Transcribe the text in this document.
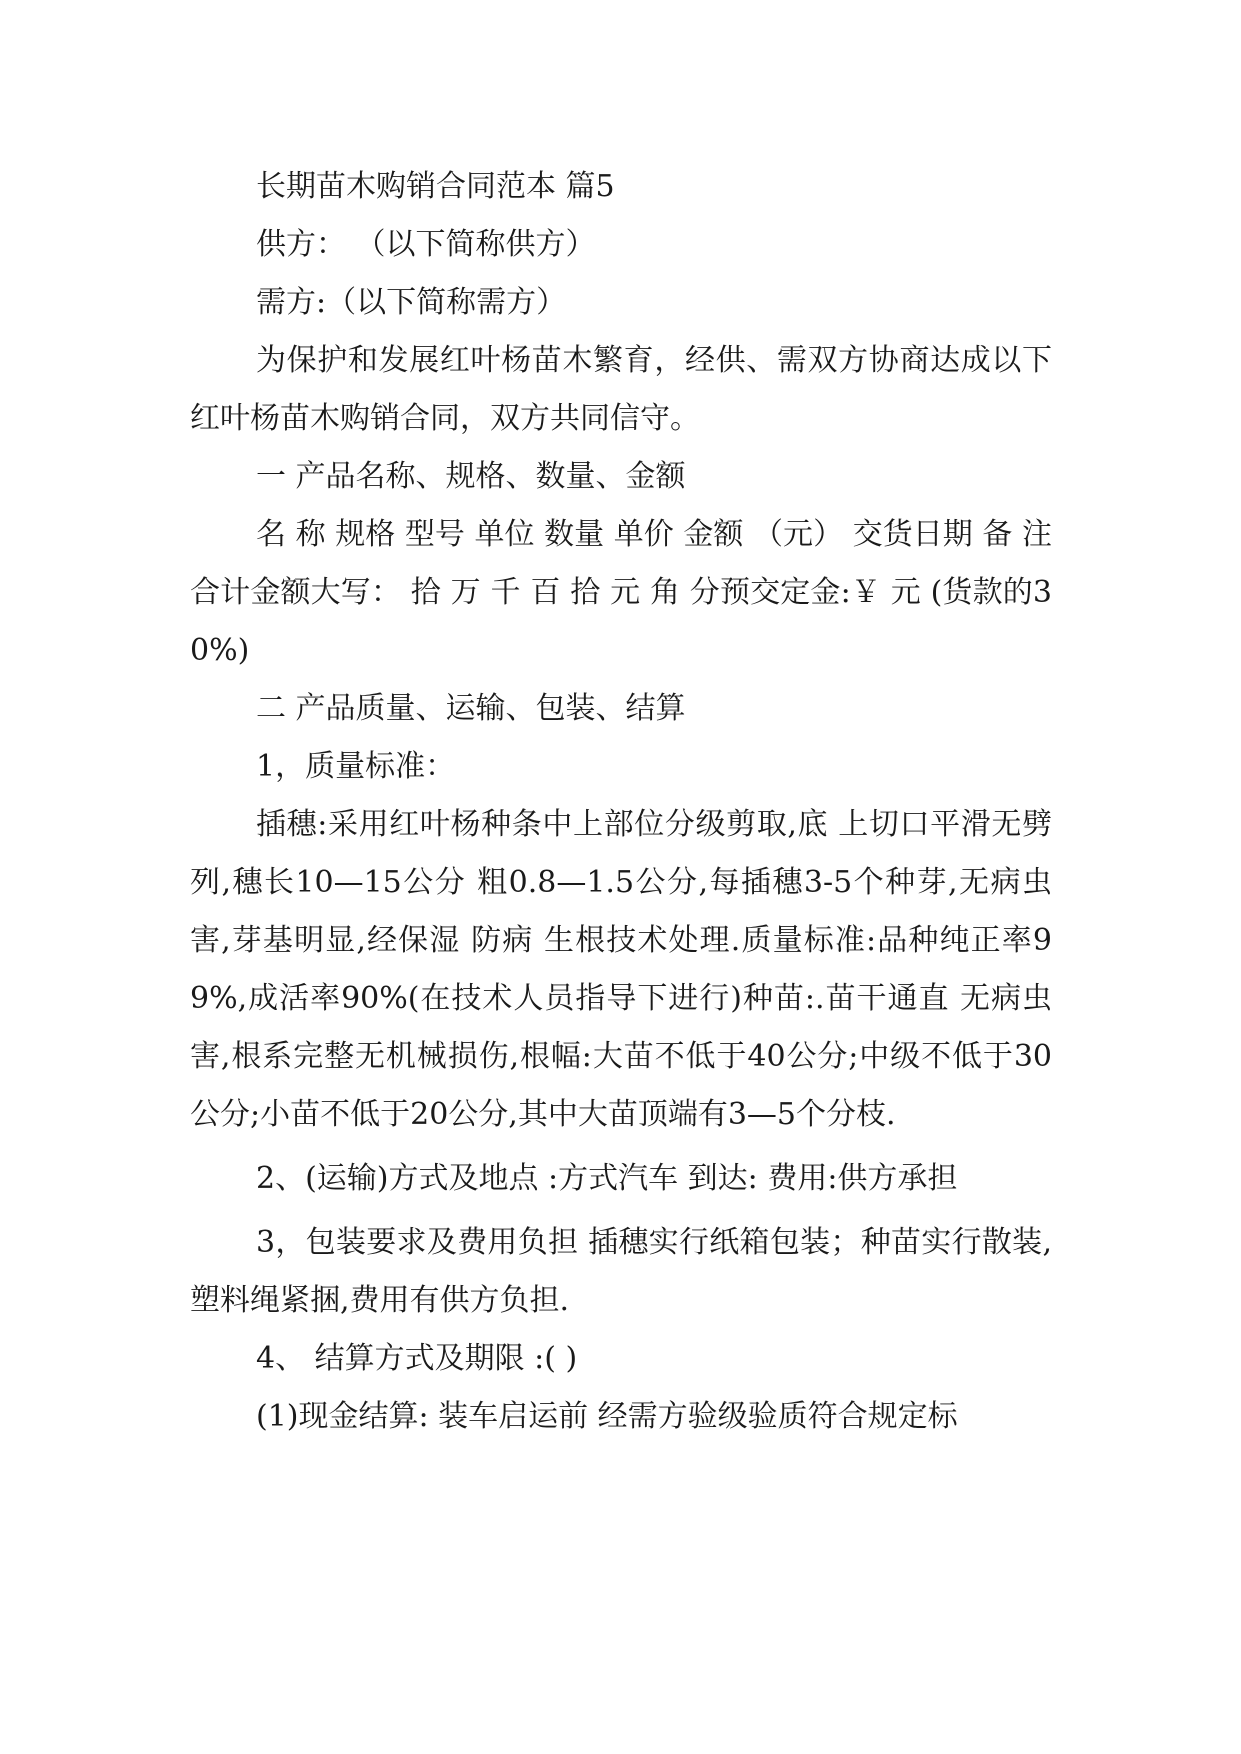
长期苗木购销合同范本 篇5

供方： （以下简称供方）

需方:（以下简称需方）

为保护和发展红叶杨苗木繁育，经供、需双方协商达成以下红叶杨苗木购销合同，双方共同信守。

一 产品名称、规格、数量、金额

名 称 规格 型号 单位 数量 单价 金额 （元） 交货日期 备 注合计金额大写： 拾 万 千 百 拾 元 角 分预交定金:￥ 元 (货款的30%)

二 产品质量、运输、包装、结算

1，质量标准：

插穗:采用红叶杨种条中上部位分级剪取,底 上切口平滑无劈列,穗长10—15公分 粗0.8—1.5公分,每插穗3-5个种芽,无病虫害,芽基明显,经保湿 防病 生根技术处理.质量标准:品种纯正率99%,成活率90%(在技术人员指导下进行)种苗:.苗干通直 无病虫害,根系完整无机械损伤,根幅:大苗不低于40公分;中级不低于30公分;小苗不低于20公分,其中大苗顶端有3—5个分枝.

2、(运输)方式及地点 :方式汽车 到达: 费用:供方承担

3，包装要求及费用负担 插穗实行纸箱包装；种苗实行散装,塑料绳紧捆,费用有供方负担.

4、 结算方式及期限 :( )

(1)现金结算: 装车启运前 经需方验级验质符合规定标
